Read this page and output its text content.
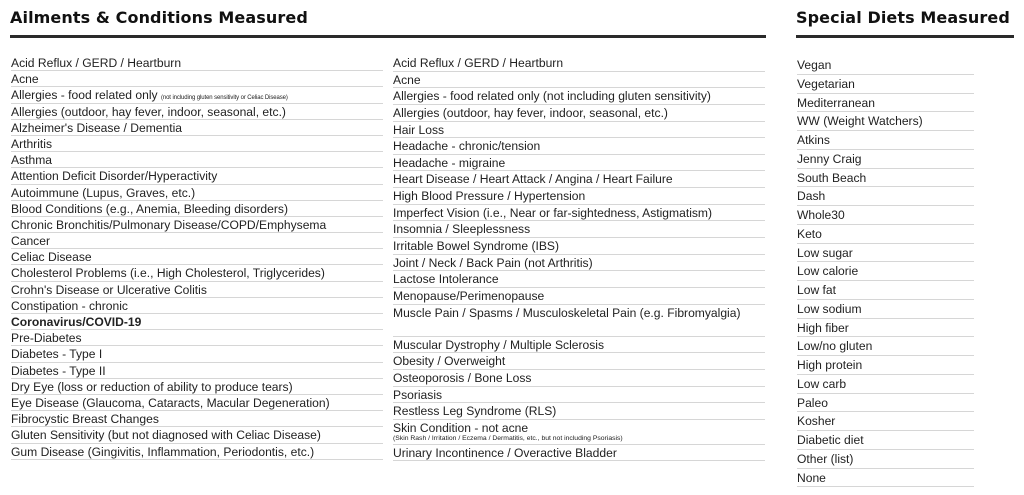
Ailments & Conditions Measured	Special Diets Measured
Acid Reflux / GERD / Heartburn
Acne
Allergies - food related only (not including gluten sensitivity or Celiac Disease)
Allergies (outdoor, hay fever, indoor, seasonal, etc.)
Alzheimer's Disease / Dementia
Arthritis
Asthma
Attention Deficit Disorder/Hyperactivity
Autoimmune (Lupus, Graves, etc.)
Blood Conditions (e.g., Anemia, Bleeding disorders)
Chronic Bronchitis/Pulmonary Disease/COPD/Emphysema
Cancer
Celiac Disease
Cholesterol Problems (i.e., High Cholesterol, Triglycerides)
Crohn's Disease or Ulcerative Colitis
Constipation - chronic
Coronavirus/COVID-19
Pre-Diabetes
Diabetes - Type I
Diabetes - Type II
Dry Eye (loss or reduction of ability to produce tears)
Eye Disease (Glaucoma, Cataracts, Macular Degeneration)
Fibrocystic Breast Changes
Gluten Sensitivity (but not diagnosed with Celiac Disease)
Gum Disease (Gingivitis, Inflammation, Periodontis, etc.)
Acid Reflux / GERD / Heartburn
Acne
Allergies - food related only (not including gluten sensitivity)
Allergies (outdoor, hay fever, indoor, seasonal, etc.)
Hair Loss
Headache - chronic/tension
Headache - migraine
Heart Disease / Heart Attack / Angina / Heart Failure
High Blood Pressure / Hypertension
Imperfect Vision (i.e., Near or far-sightedness, Astigmatism)
Insomnia / Sleeplessness
Irritable Bowel Syndrome (IBS)
Joint / Neck / Back Pain (not Arthritis)
Lactose Intolerance
Menopause/Perimenopause
Muscle Pain / Spasms / Musculoskeletal Pain (e.g. Fibromyalgia)
Muscular Dystrophy / Multiple Sclerosis
Obesity / Overweight
Osteoporosis / Bone Loss
Psoriasis
Restless Leg Syndrome (RLS)
Skin Condition - not acne
(Skin Rash / Irritation / Eczema / Dermatitis, etc., but not including Psoriasis)
Urinary Incontinence / Overactive Bladder
Vegan
Vegetarian
Mediterranean
WW (Weight Watchers)
Atkins
Jenny Craig
South Beach
Dash
Whole30
Keto
Low sugar
Low calorie
Low fat
Low sodium
High fiber
Low/no gluten
High protein
Low carb
Paleo
Kosher
Diabetic diet
Other (list)
None
